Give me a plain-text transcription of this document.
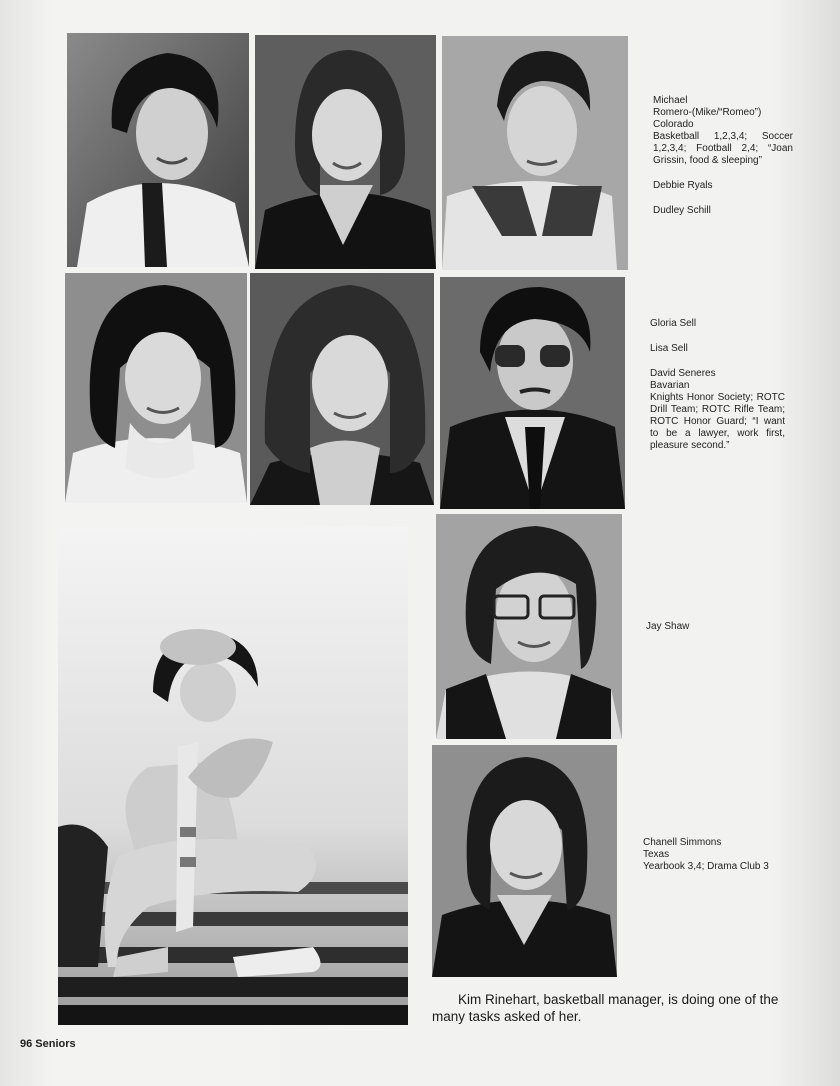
Michael

Romero-(Mike/“Romeo”)

Colorado

Basketball 1,2,3,4; Soccer 1,2,3,4; Football 2,4; “Joan Grissin, food & sleeping”

Debbie Ryals

Dudley Schill

Gloria Sell

Lisa Sell

David Seneres

Bavarian

Knights Honor Society; ROTC Drill Team; ROTC Rifle Team; ROTC Honor Guard; “I want to be a lawyer, work first, pleasure second.”

Jay Shaw

Chanell Simmons

Texas

Yearbook 3,4; Drama Club 3

Kim Rinehart, basketball manager, is doing one of the many tasks asked of her.
96 Seniors
